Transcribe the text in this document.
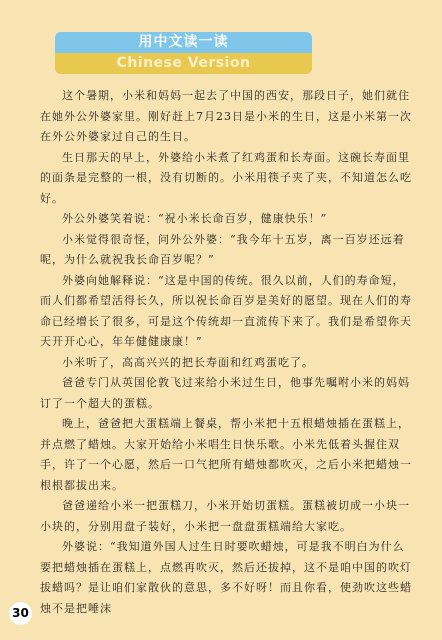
用中文读一读
Chinese Version

这个暑期，小米和妈妈一起去了中国的西安，那段日子，她们就住在她外公外婆家里。刚好赶上7月23日是小米的生日，这是小米第一次在外公外婆家过自己的生日。

生日那天的早上，外婆给小米煮了红鸡蛋和长寿面。这碗长寿面里的面条是完整的一根，没有切断的。小米用筷子夹了夹，不知道怎么吃好。

外公外婆笑着说：“祝小米长命百岁，健康快乐！”

小米觉得很奇怪，问外公外婆：“我今年十五岁，离一百岁还远着呢，为什么就祝我长命百岁呢？”

外婆向她解释说：“这是中国的传统。很久以前，人们的寿命短，而人们都希望活得长久，所以祝长命百岁是美好的愿望。现在人们的寿命已经增长了很多，可是这个传统却一直流传下来了。我们是希望你天天开开心心，年年健健康康！”

小米听了，高高兴兴的把长寿面和红鸡蛋吃了。

爸爸专门从英国伦敦飞过来给小米过生日，他事先嘱咐小米的妈妈订了一个超大的蛋糕。

晚上，爸爸把大蛋糕端上餐桌，帮小米把十五根蜡烛插在蛋糕上，并点燃了蜡烛。大家开始给小米唱生日快乐歌。小米先低着头握住双手，许了一个心愿，然后一口气把所有蜡烛都吹灭，之后小米把蜡烛一根根都拔出来。

爸爸递给小米一把蛋糕刀，小米开始切蛋糕。蛋糕被切成一小块一小块的，分别用盘子装好，小米把一盘盘蛋糕端给大家吃。

外婆说：“我知道外国人过生日时要吹蜡烛，可是我不明白为什么要把蜡烛插在蛋糕上，点燃再吹灭，然后还拔掉，这不是咱中国的吹灯拔蜡吗？是让咱们家散伙的意思，多不好呀！而且你看，使劲吹这些蜡烛不是把唾沫

30
